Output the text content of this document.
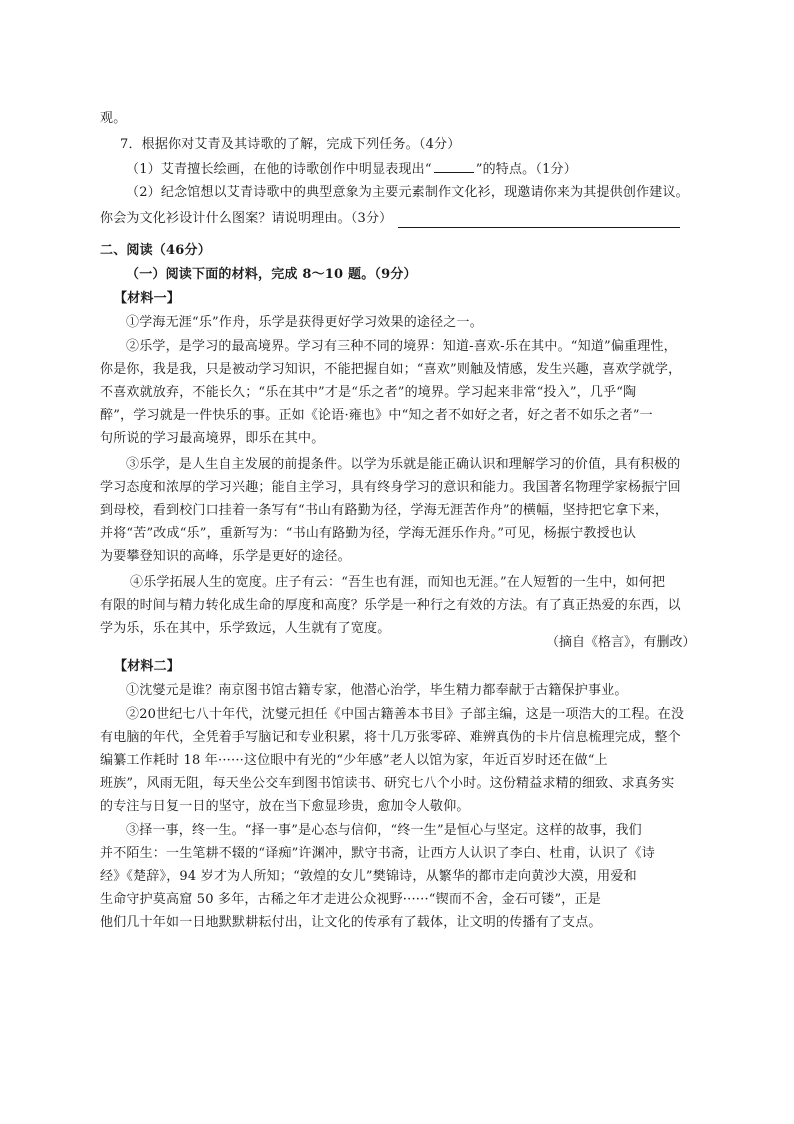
观。
7．根据你对艾青及其诗歌的了解，完成下列任务。（4分）
（1）艾青擅长绘画，在他的诗歌创作中明显表现出“	”的特点。（1分）
（2）纪念馆想以艾青诗歌中的典型意象为主要元素制作文化衫，现邀请你来为其提供创作建议。
你会为文化衫设计什么图案？请说明理由。（3分）
二、阅读（46分）
（一）阅读下面的材料，完成 8～10 题。（9分）
【材料一】
①学海无涯“乐”作舟，乐学是获得更好学习效果的途径之一。
②乐学，是学习的最高境界。学习有三种不同的境界：知道-喜欢-乐在其中。“知道”偏重理性，
你是你，我是我，只是被动学习知识，不能把握自如；“喜欢”则触及情感，发生兴趣，喜欢学就学，
不喜欢就放弃，不能长久；“乐在其中”才是“乐之者”的境界。学习起来非常“投入”，几乎“陶
醉”，学习就是一件快乐的事。正如《论语·雍也》中“知之者不如好之者，好之者不如乐之者”一
句所说的学习最高境界，即乐在其中。
③乐学，是人生自主发展的前提条件。以学为乐就是能正确认识和理解学习的价值，具有积极的
学习态度和浓厚的学习兴趣；能自主学习，具有终身学习的意识和能力。我国著名物理学家杨振宁回
到母校，看到校门口挂着一条写有“书山有路勤为径，学海无涯苦作舟”的横幅，坚持把它拿下来，
并将“苦”改成“乐”，重新写为：“书山有路勤为径，学海无涯乐作舟。”可见，杨振宁教授也认
为要攀登知识的高峰，乐学是更好的途径。
④乐学拓展人生的宽度。庄子有云：“吾生也有涯，而知也无涯。”在人短暂的一生中，如何把
有限的时间与精力转化成生命的厚度和高度？乐学是一种行之有效的方法。有了真正热爱的东西，以
学为乐，乐在其中，乐学致远，人生就有了宽度。
（摘自《格言》，有删改）
【材料二】
①沈燮元是谁？南京图书馆古籍专家，他潜心治学，毕生精力都奉献于古籍保护事业。
②20世纪七八十年代，沈燮元担任《中国古籍善本书目》子部主编，这是一项浩大的工程。在没
有电脑的年代，全凭着手写脑记和专业积累，将十几万张零碎、难辨真伪的卡片信息梳理完成，整个
编纂工作耗时 18 年······这位眼中有光的“少年感”老人以馆为家，年近百岁时还在做“上
班族”，风雨无阻，每天坐公交车到图书馆读书、研究七八个小时。这份精益求精的细致、求真务实
的专注与日复一日的坚守，放在当下愈显珍贵，愈加令人敬仰。
③择一事，终一生。“择一事”是心态与信仰，“终一生”是恒心与坚定。这样的故事，我们
并不陌生：一生笔耕不辍的“译痴”许渊冲，默守书斋，让西方人认识了李白、杜甫，认识了《诗
经》《楚辞》，94 岁才为人所知；“敦煌的女儿”樊锦诗，从繁华的都市走向黄沙大漠，用爱和
生命守护莫高窟 50 多年，古稀之年才走进公众视野······“锲而不舍，金石可镂”，正是
他们几十年如一日地默默耕耘付出，让文化的传承有了载体，让文明的传播有了支点。
